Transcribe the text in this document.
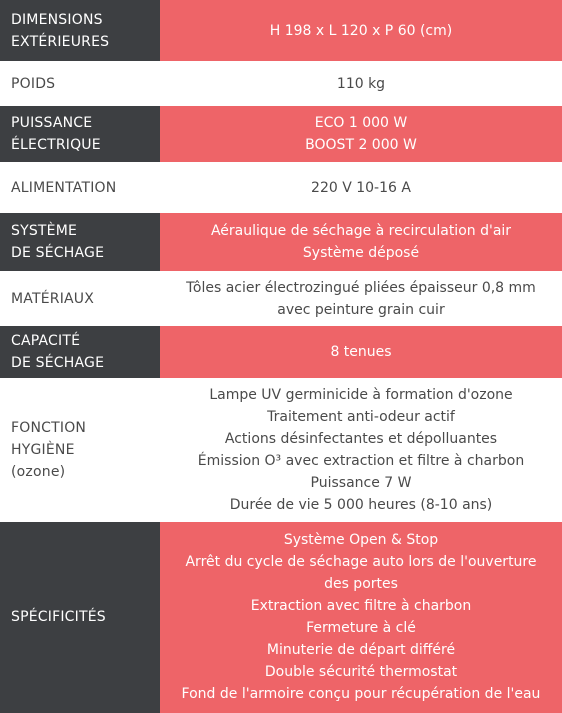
DIMENSIONS
EXTÉRIEURES
H 198 x L 120 x P 60 (cm)
POIDS	110 kg
PUISSANCE
ÉLECTRIQUE
ECO 1 000 W
BOOST 2 000 W
ALIMENTATION	220 V 10-16 A
SYSTÈME
DE SÉCHAGE
Aéraulique de séchage à recirculation d'air
Système déposé
MATÉRIAUX
Tôles acier électrozingué pliées épaisseur 0,8 mm
avec peinture grain cuir
CAPACITÉ
DE SÉCHAGE
8 tenues
FONCTION
HYGIÈNE
(ozone)
Lampe UV germinicide à formation d'ozone
Traitement anti-odeur actif
Actions désinfectantes et dépolluantes
Émission O³ avec extraction et filtre à charbon
Puissance 7 W
Durée de vie 5 000 heures (8-10 ans)
SPÉCIFICITÉS
Système Open & Stop
Arrêt du cycle de séchage auto lors de l'ouverture
des portes
Extraction avec filtre à charbon
Fermeture à clé
Minuterie de départ différé
Double sécurité thermostat
Fond de l'armoire conçu pour récupération de l'eau
